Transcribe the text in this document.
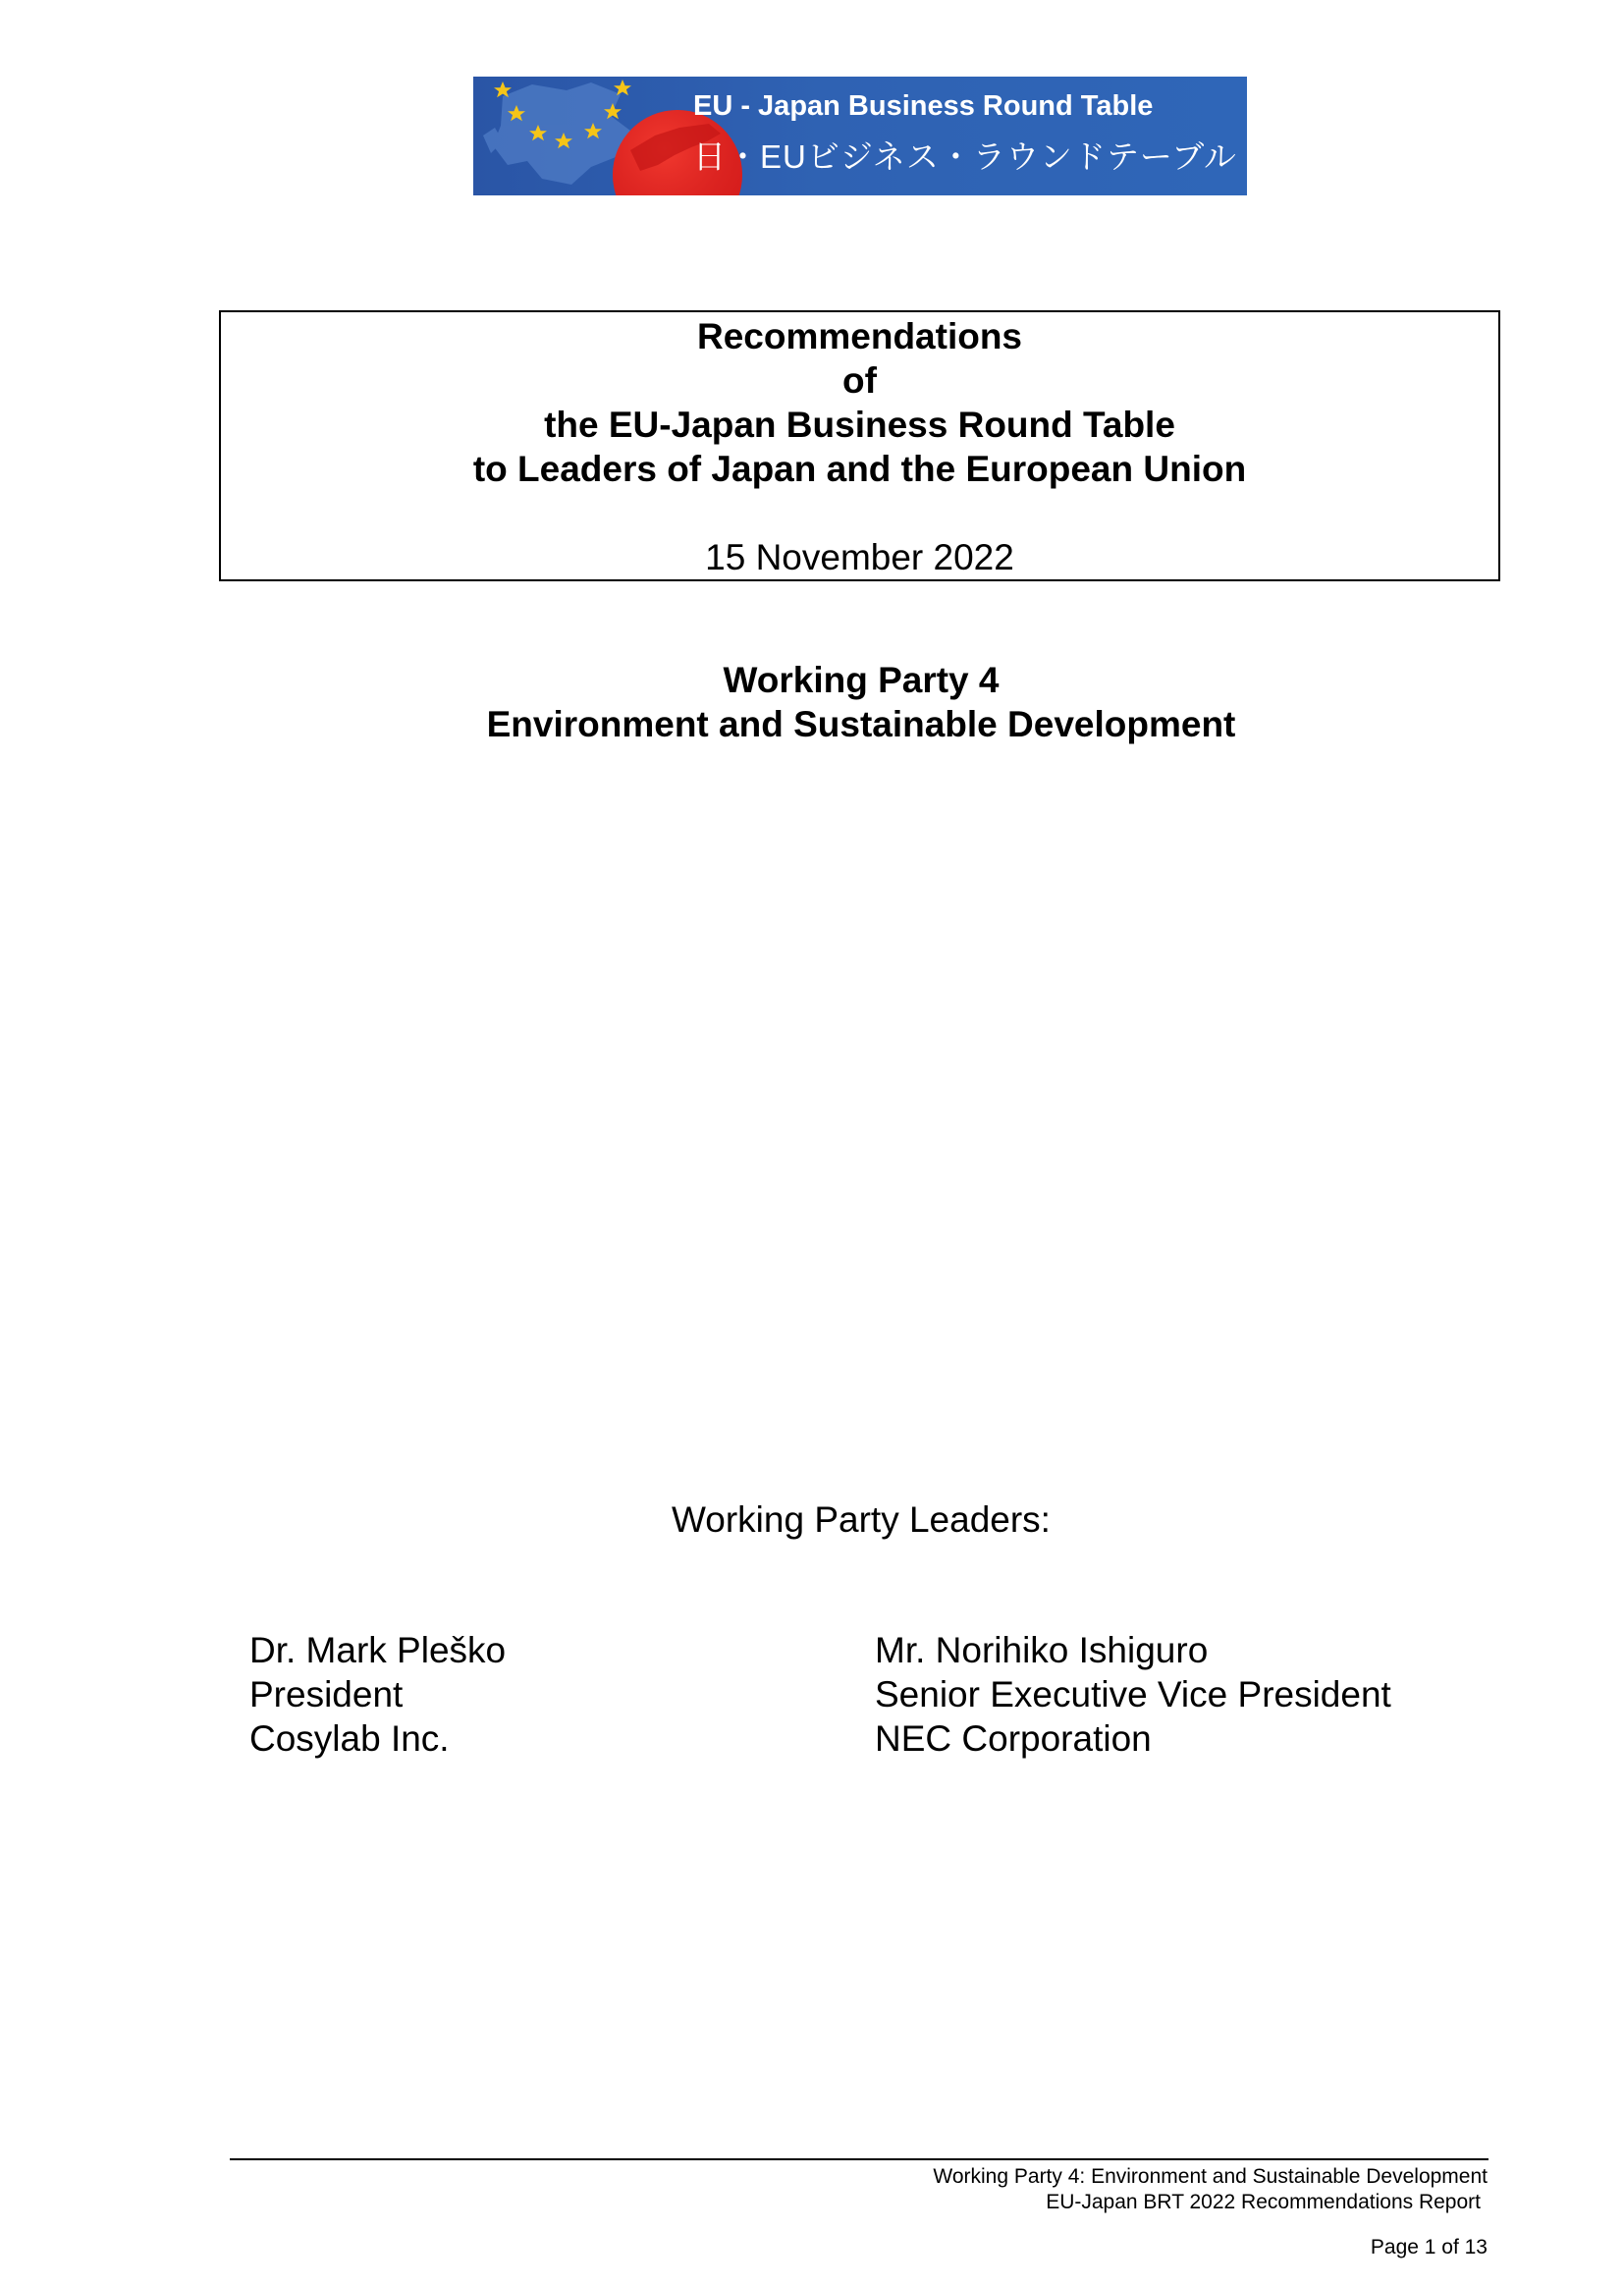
EU - Japan Business Round Table
日・EUビジネス・ラウンドテーブル
Recommendations
of
the EU-Japan Business Round Table
to Leaders of Japan and the European Union
15 November 2022
Working Party 4
Environment and Sustainable Development
Working Party Leaders:
Dr. Mark Pleško
President
Cosylab Inc.
Mr. Norihiko Ishiguro
Senior Executive Vice President
NEC Corporation
Working Party 4: Environment and Sustainable Development
EU-Japan BRT 2022 Recommendations Report
Page 1 of 13
